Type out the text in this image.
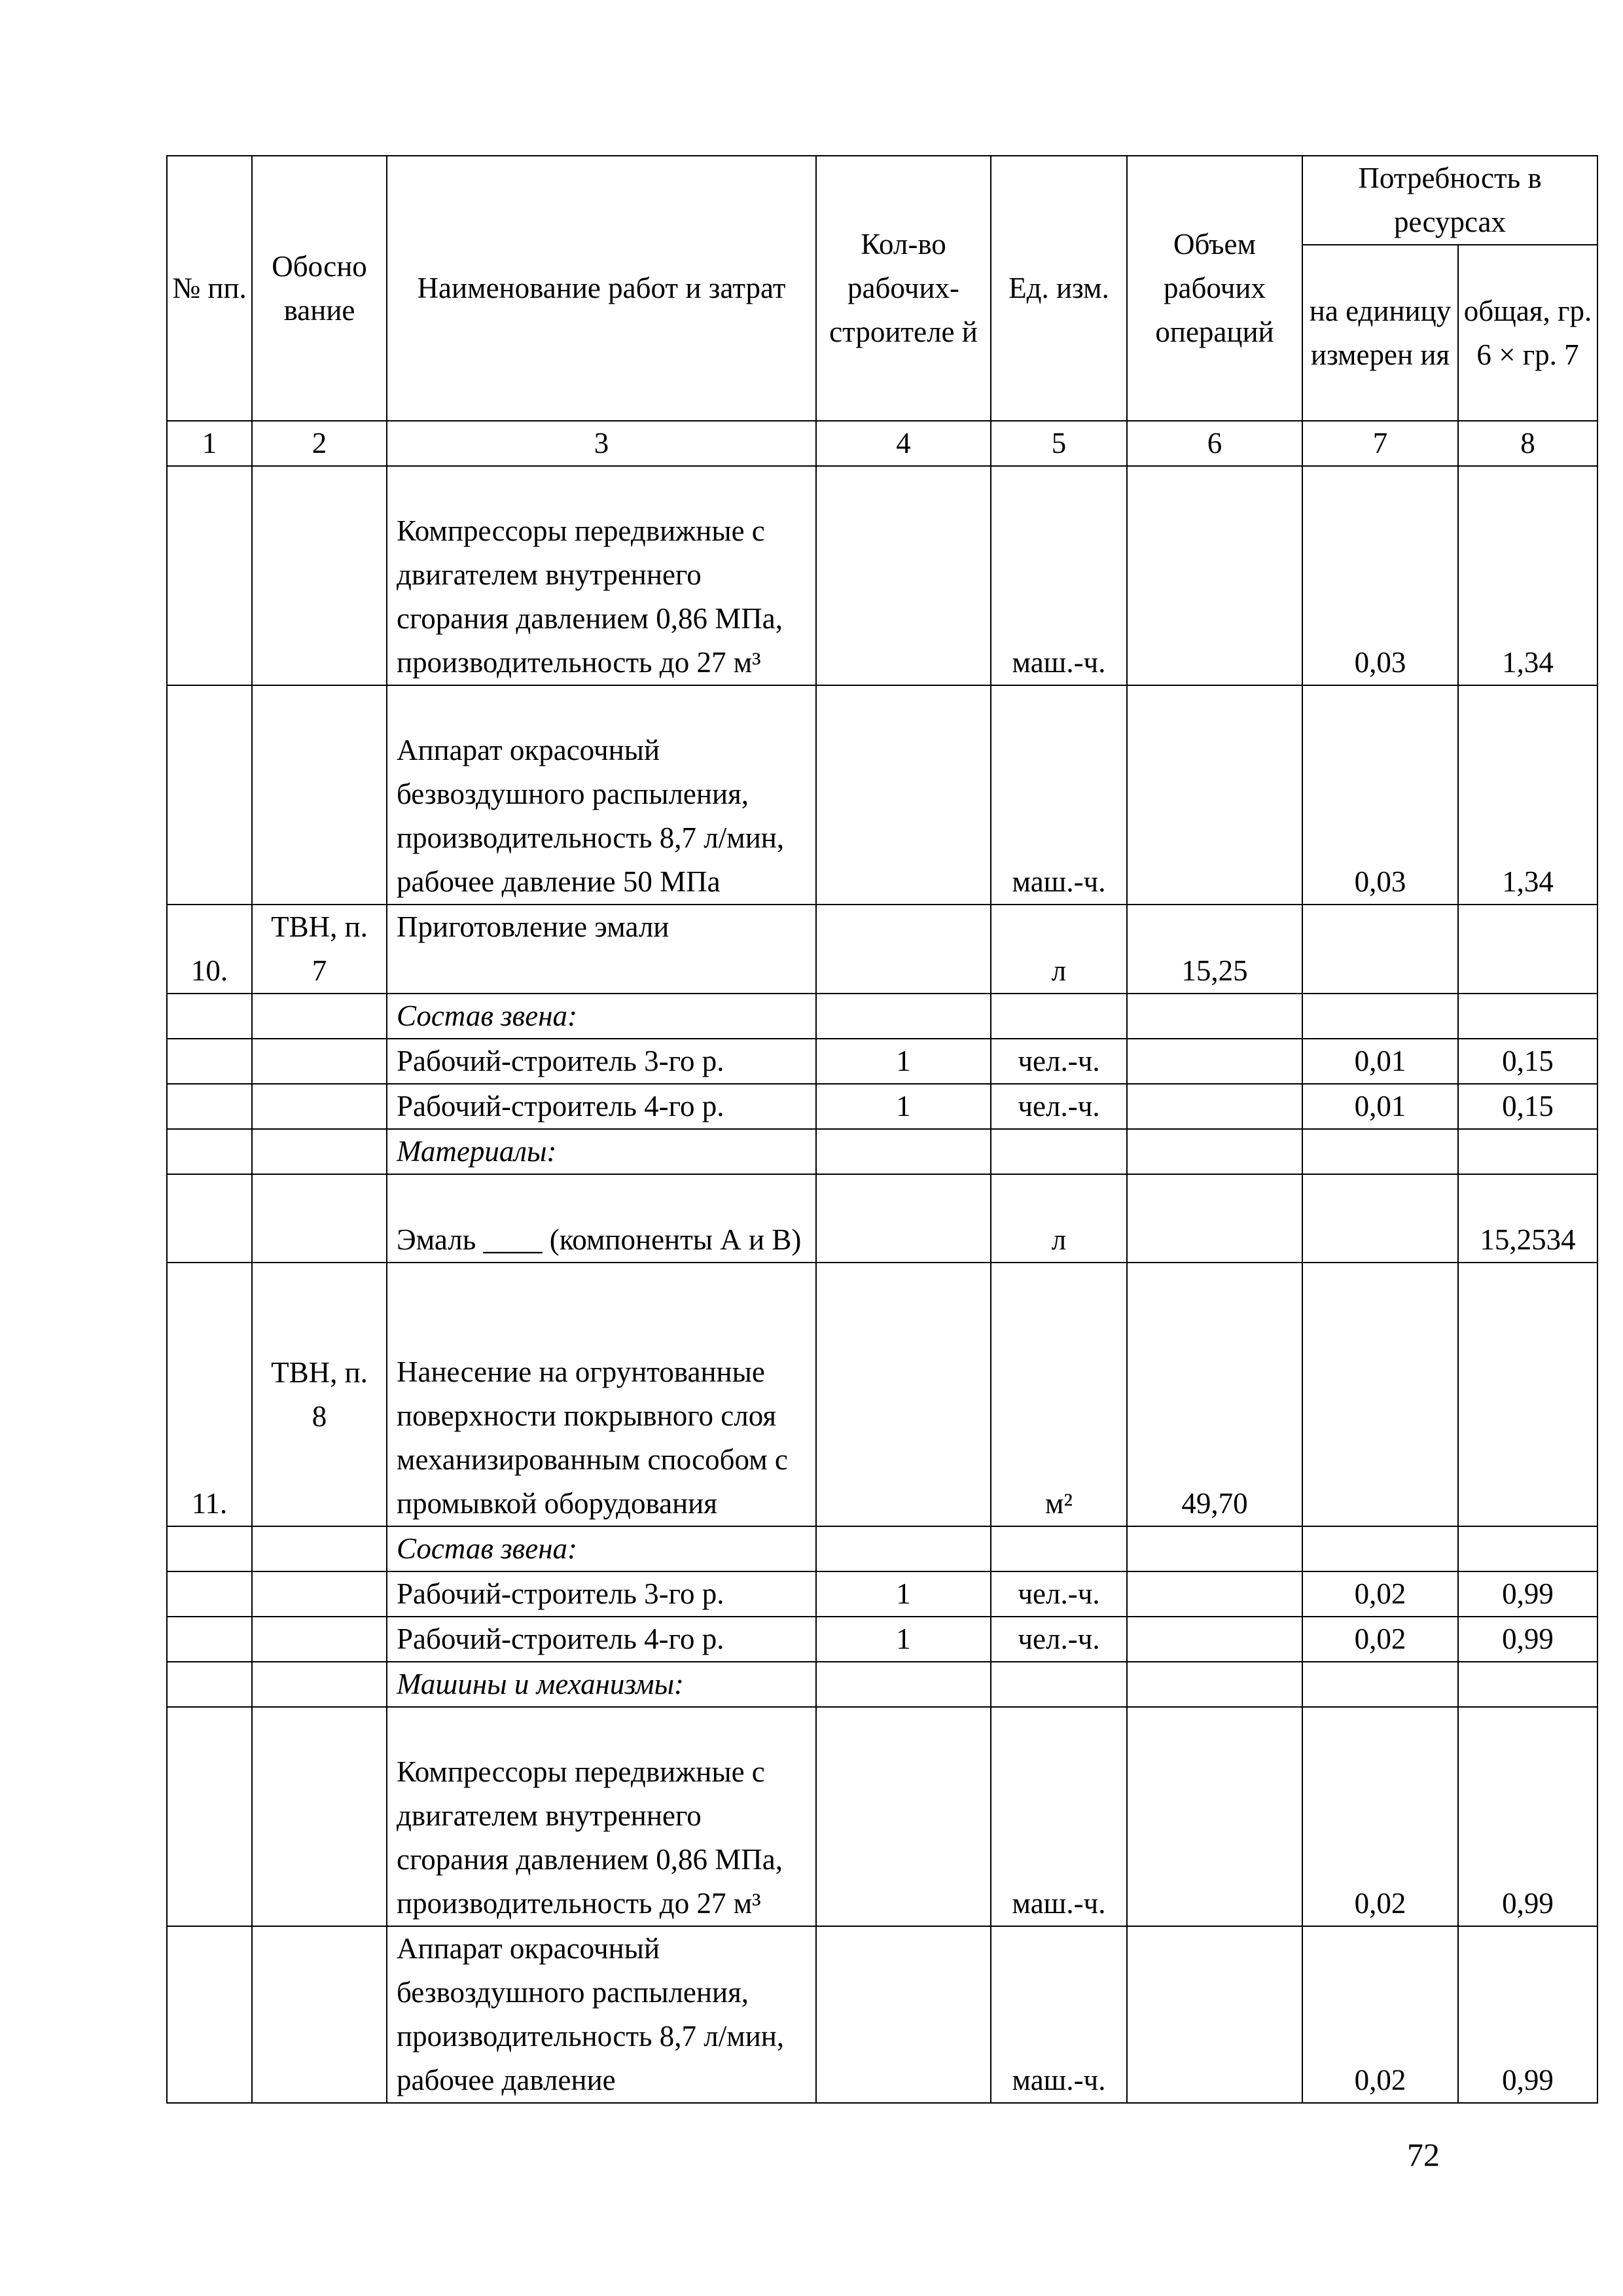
№ пп.	Обосно вание	Наименование работ и затрат	Кол-во рабочих-строителе й	Ед. изм.	Объем рабочих операций	Потребность в ресурсах	
						на единицу измерен ия	общая, гр. 6 × гр. 7
1	2	3	4	5	6	7	8
		Компрессоры передвижные с двигателем внутреннего сгорания давлением 0,86 МПа, производительность до 27 м³		маш.-ч.		0,03	1,34
		Аппарат окрасочный безвоздушного распыления, производительность 8,7 л/мин, рабочее давление 50 МПа		маш.-ч.		0,03	1,34
10.	ТВН, п. 7	Приготовление эмали		л	15,25		
		Состав звена:					
		Рабочий-строитель 3-го р.	1	чел.-ч.		0,01	0,15
		Рабочий-строитель 4-го р.	1	чел.-ч.		0,01	0,15
		Материалы:					
		Эмаль ____ (компоненты А и В)		л			15,2534
11.	ТВН, п. 8	Нанесение на огрунтованные поверхности покрывного слоя механизированным способом с промывкой оборудования		м²	49,70		
		Состав звена:					
		Рабочий-строитель 3-го р.	1	чел.-ч.		0,02	0,99
		Рабочий-строитель 4-го р.	1	чел.-ч.		0,02	0,99
		Машины и механизмы:					
		Компрессоры передвижные с двигателем внутреннего сгорания давлением 0,86 МПа, производительность до 27 м³		маш.-ч.		0,02	0,99
		Аппарат окрасочный безвоздушного распыления, производительность 8,7 л/мин, рабочее давление		маш.-ч.		0,02	0,99
72
